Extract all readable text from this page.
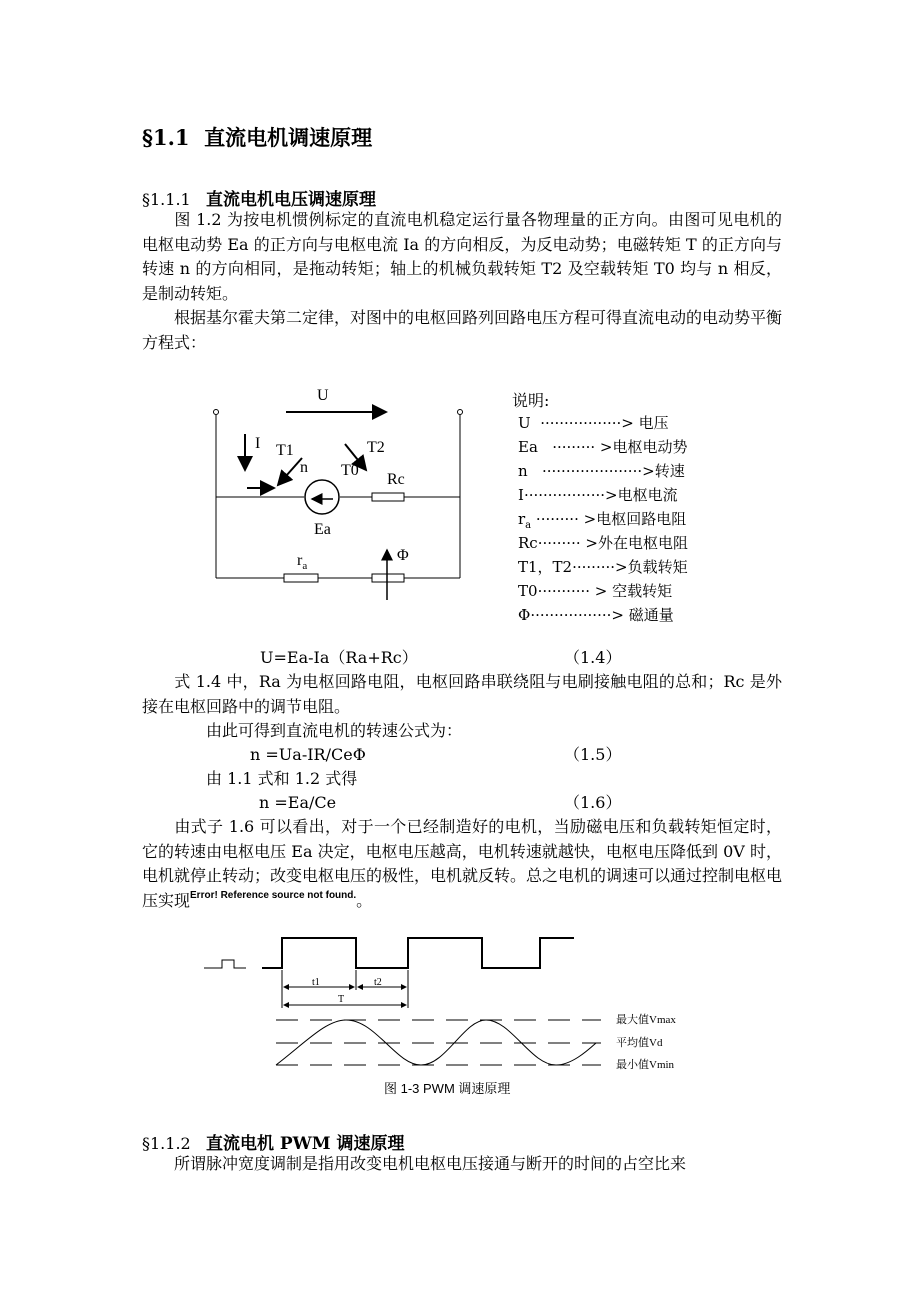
§1.1 直流电机调速原理
§1.1.1 直流电机电压调速原理
图 1.2 为按电机惯例标定的直流电机稳定运行量各物理量的正方向。由图可见电机的电枢电动势 Ea 的正方向与电枢电流 Ia 的方向相反，为反电动势；电磁转矩 T 的正方向与转速 n 的方向相同，是拖动转矩；轴上的机械负载转矩 T2 及空载转矩 T0 均与 n 相反，是制动转矩。
根据基尔霍夫第二定律，对图中的电枢回路列回路电压方程可得直流电动的电动势平衡方程式：
U
I
Ea
T1
n
T2
T0
Rc
$r_a$
Φ
说明:
U ·················> 电压
Ea ········· >电枢电动势
n ·····················>转速
I·················>电枢电流
$r_a$ ········· >电枢回路电阻
Rc········· >外在电枢电阻
T1，T2·········>负载转矩
T0··········· > 空载转矩
Φ·················> 磁通量
U=Ea-Ia（Ra+Rc）	（1.4）
式 1.4 中，Ra 为电枢回路电阻，电枢回路串联绕阻与电刷接触电阻的总和；Rc 是外接在电枢回路中的调节电阻。
由此可得到直流电机的转速公式为：
n =Ua-IR/CeΦ	（1.5）
由 1.1 式和 1.2 式得
n =Ea/Ce	（1.6）
由式子 1.6 可以看出，对于一个已经制造好的电机，当励磁电压和负载转矩恒定时，它的转速由电枢电压 Ea 决定，电枢电压越高，电机转速就越快，电枢电压降低到 0V 时，电机就停止转动；改变电枢电压的极性，电机就反转。总之电机的调速可以通过控制电枢电压实现$^{Error! Reference source not found.}$。
t1	t2
T
最大值Vmax
平均值Vd
最小值Vmin
图 1-3 PWM 调速原理
§1.1.2 直流电机 PWM 调速原理
所谓脉冲宽度调制是指用改变电机电枢电压接通与断开的时间的占空比来
